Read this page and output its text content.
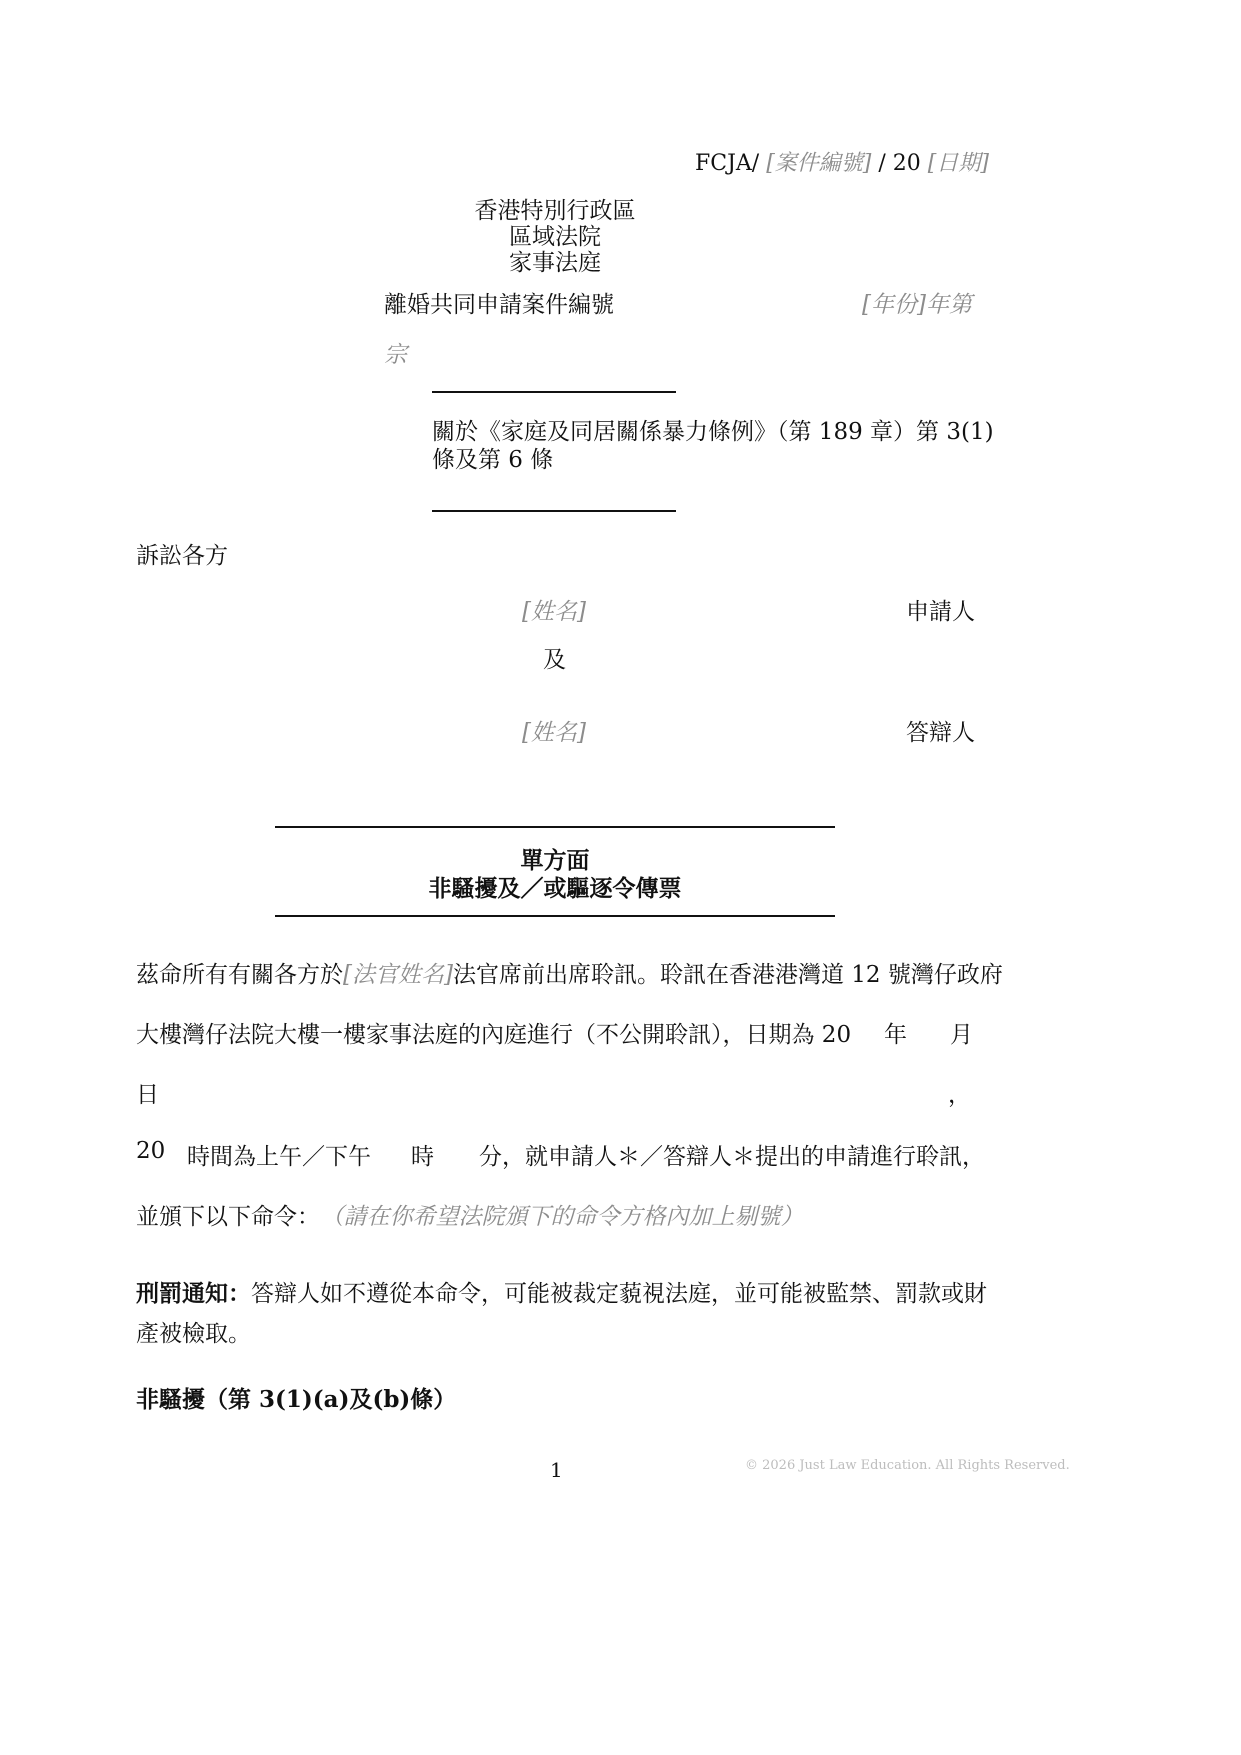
FCJA/ [案件編號] / 20 [日期]
香港特別行政區
區域法院
家事法庭
離婚共同申請案件編號	[年份]年第
宗
關於《家庭及同居關係暴力條例》（第 189 章）第 3(1)
條及第 6 條
訴訟各方
[姓名]	申請人
及
[姓名]	答辯人
單方面
非騷擾及／或驅逐令傳票
茲命所有有關各方於[法官姓名]法官席前出席聆訊。聆訊在香港港灣道 12 號灣仔政府
大樓灣仔法院大樓一樓家事法庭的內庭進行（不公開聆訊），日期為 20 年 月
日	，
20 時間為上午／下午 時 分，就申請人＊／答辯人＊提出的申請進行聆訊，
並頒下以下命令： （請在你希望法院頒下的命令方格內加上剔號）
刑罰通知：答辯人如不遵從本命令，可能被裁定藐視法庭，並可能被監禁、罰款或財
產被檢取。
非騷擾（第 3(1)(a)及(b)條）
1	© 2026 Just Law Education. All Rights Reserved.
